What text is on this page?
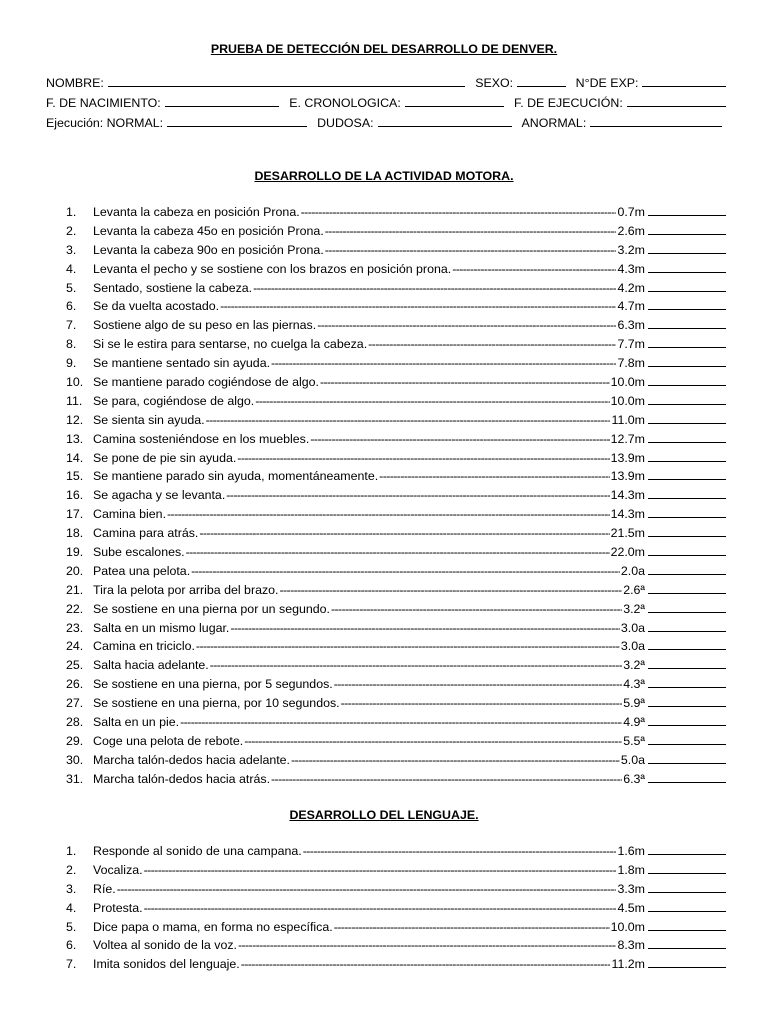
PRUEBA DE DETECCIÓN DEL DESARROLLO DE DENVER.
NOMBRE:	SEXO:	N°DE EXP:
F. DE NACIMIENTO:	E. CRONOLOGICA:	F. DE EJECUCIÓN:
Ejecución: NORMAL:	DUDOSA:	ANORMAL:
DESARROLLO DE LA ACTIVIDAD MOTORA.
1.	Levanta la cabeza en posición Prona. -----	0.7m
2.	Levanta la cabeza 45o en posición Prona. -----	2.6m
3.	Levanta la cabeza 90o en posición Prona. -----	3.2m
4.	Levanta el pecho y se sostiene con los brazos en posición prona. -----	4.3m
5.	Sentado, sostiene la cabeza. -----	4.2m
6.	Se da vuelta acostado. -----	4.7m
7.	Sostiene algo de su peso en las piernas. -----	6.3m
8.	Si se le estira para sentarse, no cuelga la cabeza. -----	7.7m
9.	Se mantiene sentado sin ayuda. -----	7.8m
10. Se mantiene parado cogiéndose de algo. -----	10.0m
11. Se para, cogiéndose de algo. -----	10.0m
12. Se sienta sin ayuda. -----	11.0m
13. Camina sosteniéndose en los muebles. -----	12.7m
14. Se pone de pie sin ayuda. -----	13.9m
15. Se mantiene parado sin ayuda, momentáneamente. -----	13.9m
16. Se agacha y se levanta. -----	14.3m
17. Camina bien. -----	14.3m
18. Camina para atrás. -----	21.5m
19. Sube escalones. -----	22.0m
20. Patea una pelota. -----	2.0a
21. Tira la pelota por arriba del brazo. -----	2.6ª
22. Se sostiene en una pierna por un segundo. -----	3.2ª
23. Salta en un mismo lugar. -----	3.0a
24. Camina en triciclo. -----	3.0a
25. Salta hacia adelante. -----	3.2ª
26. Se sostiene en una pierna, por 5 segundos. -----	4.3ª
27. Se sostiene en una pierna, por 10 segundos. -----	5.9ª
28. Salta en un pie. -----	4.9ª
29. Coge una pelota de rebote. -----	5.5ª
30. Marcha talón-dedos hacia adelante. -----	5.0a
31. Marcha talón-dedos hacia atrás. -----	6.3ª
DESARROLLO DEL LENGUAJE.
1.	Responde al sonido de una campana. -----	1.6m
2.	Vocaliza. -----	1.8m
3.	Ríe. -----	3.3m
4.	Protesta. -----	4.5m
5.	Dice papa o mama, en forma no específica. -----	10.0m
6.	Voltea al sonido de la voz. -----	8.3m
7.	Imita sonidos del lenguaje. -----	11.2m
